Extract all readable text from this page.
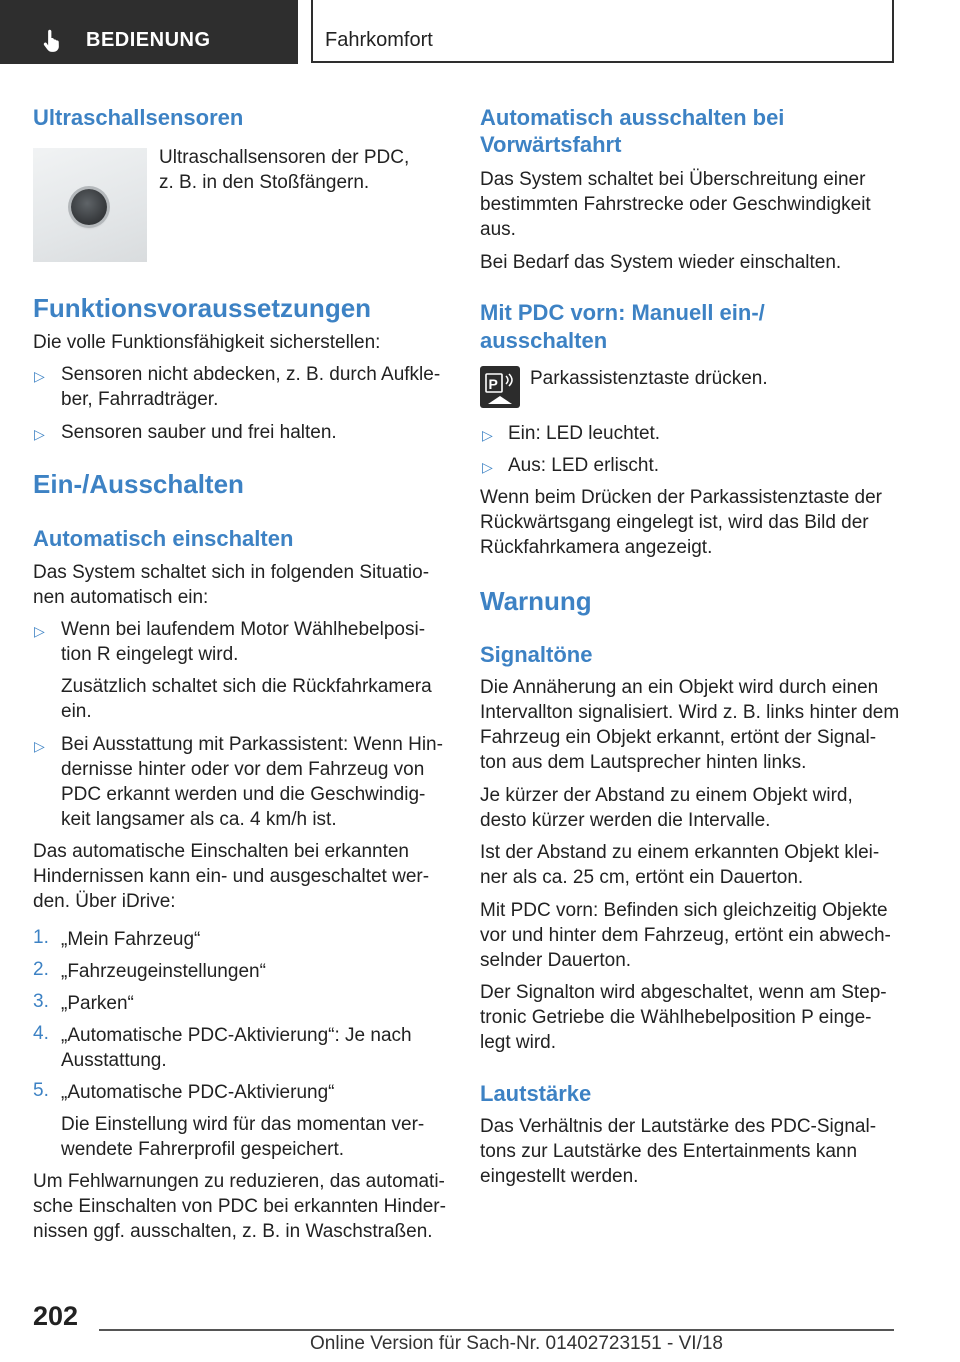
BEDIENUNG	Fahrkomfort
Ultraschallsensoren
Ultraschallsensoren der PDC,
z. B. in den Stoßfängern.
Funktionsvoraussetzungen
Die volle Funktionsfähigkeit sicherstellen:
▷ Sensoren nicht abdecken, z. B. durch Aufkle-
ber, Fahrradträger.
▷ Sensoren sauber und frei halten.
Ein-/Ausschalten
Automatisch einschalten
Das System schaltet sich in folgenden Situatio-
nen automatisch ein:
▷ Wenn bei laufendem Motor Wählhebelposi-
tion R eingelegt wird.
Zusätzlich schaltet sich die Rückfahrkamera
ein.
▷ Bei Ausstattung mit Parkassistent: Wenn Hin-
dernisse hinter oder vor dem Fahrzeug von
PDC erkannt werden und die Geschwindig-
keit langsamer als ca. 4 km/h ist.
Das automatische Einschalten bei erkannten
Hindernissen kann ein- und ausgeschaltet wer-
den. Über iDrive:
1. „Mein Fahrzeug“
2. „Fahrzeugeinstellungen“
3. „Parken“
4. „Automatische PDC-Aktivierung“: Je nach
Ausstattung.
5. „Automatische PDC-Aktivierung“
Die Einstellung wird für das momentan ver-
wendete Fahrerprofil gespeichert.
Um Fehlwarnungen zu reduzieren, das automati-
sche Einschalten von PDC bei erkannten Hinder-
nissen ggf. ausschalten, z. B. in Waschstraßen.
Automatisch ausschalten bei
Vorwärtsfahrt
Das System schaltet bei Überschreitung einer
bestimmten Fahrstrecke oder Geschwindigkeit
aus.
Bei Bedarf das System wieder einschalten.
Mit PDC vorn: Manuell ein-/
ausschalten
P Parkassistenztaste drücken.
▷ Ein: LED leuchtet.
▷ Aus: LED erlischt.
Wenn beim Drücken der Parkassistenztaste der
Rückwärtsgang eingelegt ist, wird das Bild der
Rückfahrkamera angezeigt.
Warnung
Signaltöne
Die Annäherung an ein Objekt wird durch einen
Intervallton signalisiert. Wird z. B. links hinter dem
Fahrzeug ein Objekt erkannt, ertönt der Signal-
ton aus dem Lautsprecher hinten links.
Je kürzer der Abstand zu einem Objekt wird,
desto kürzer werden die Intervalle.
Ist der Abstand zu einem erkannten Objekt klei-
ner als ca. 25 cm, ertönt ein Dauerton.
Mit PDC vorn: Befinden sich gleichzeitig Objekte
vor und hinter dem Fahrzeug, ertönt ein abwech-
selnder Dauerton.
Der Signalton wird abgeschaltet, wenn am Step-
tronic Getriebe die Wählhebelposition P einge-
legt wird.
Lautstärke
Das Verhältnis der Lautstärke des PDC-Signal-
tons zur Lautstärke des Entertainments kann
eingestellt werden.
202
Online Version für Sach-Nr. 01402723151 - VI/18
